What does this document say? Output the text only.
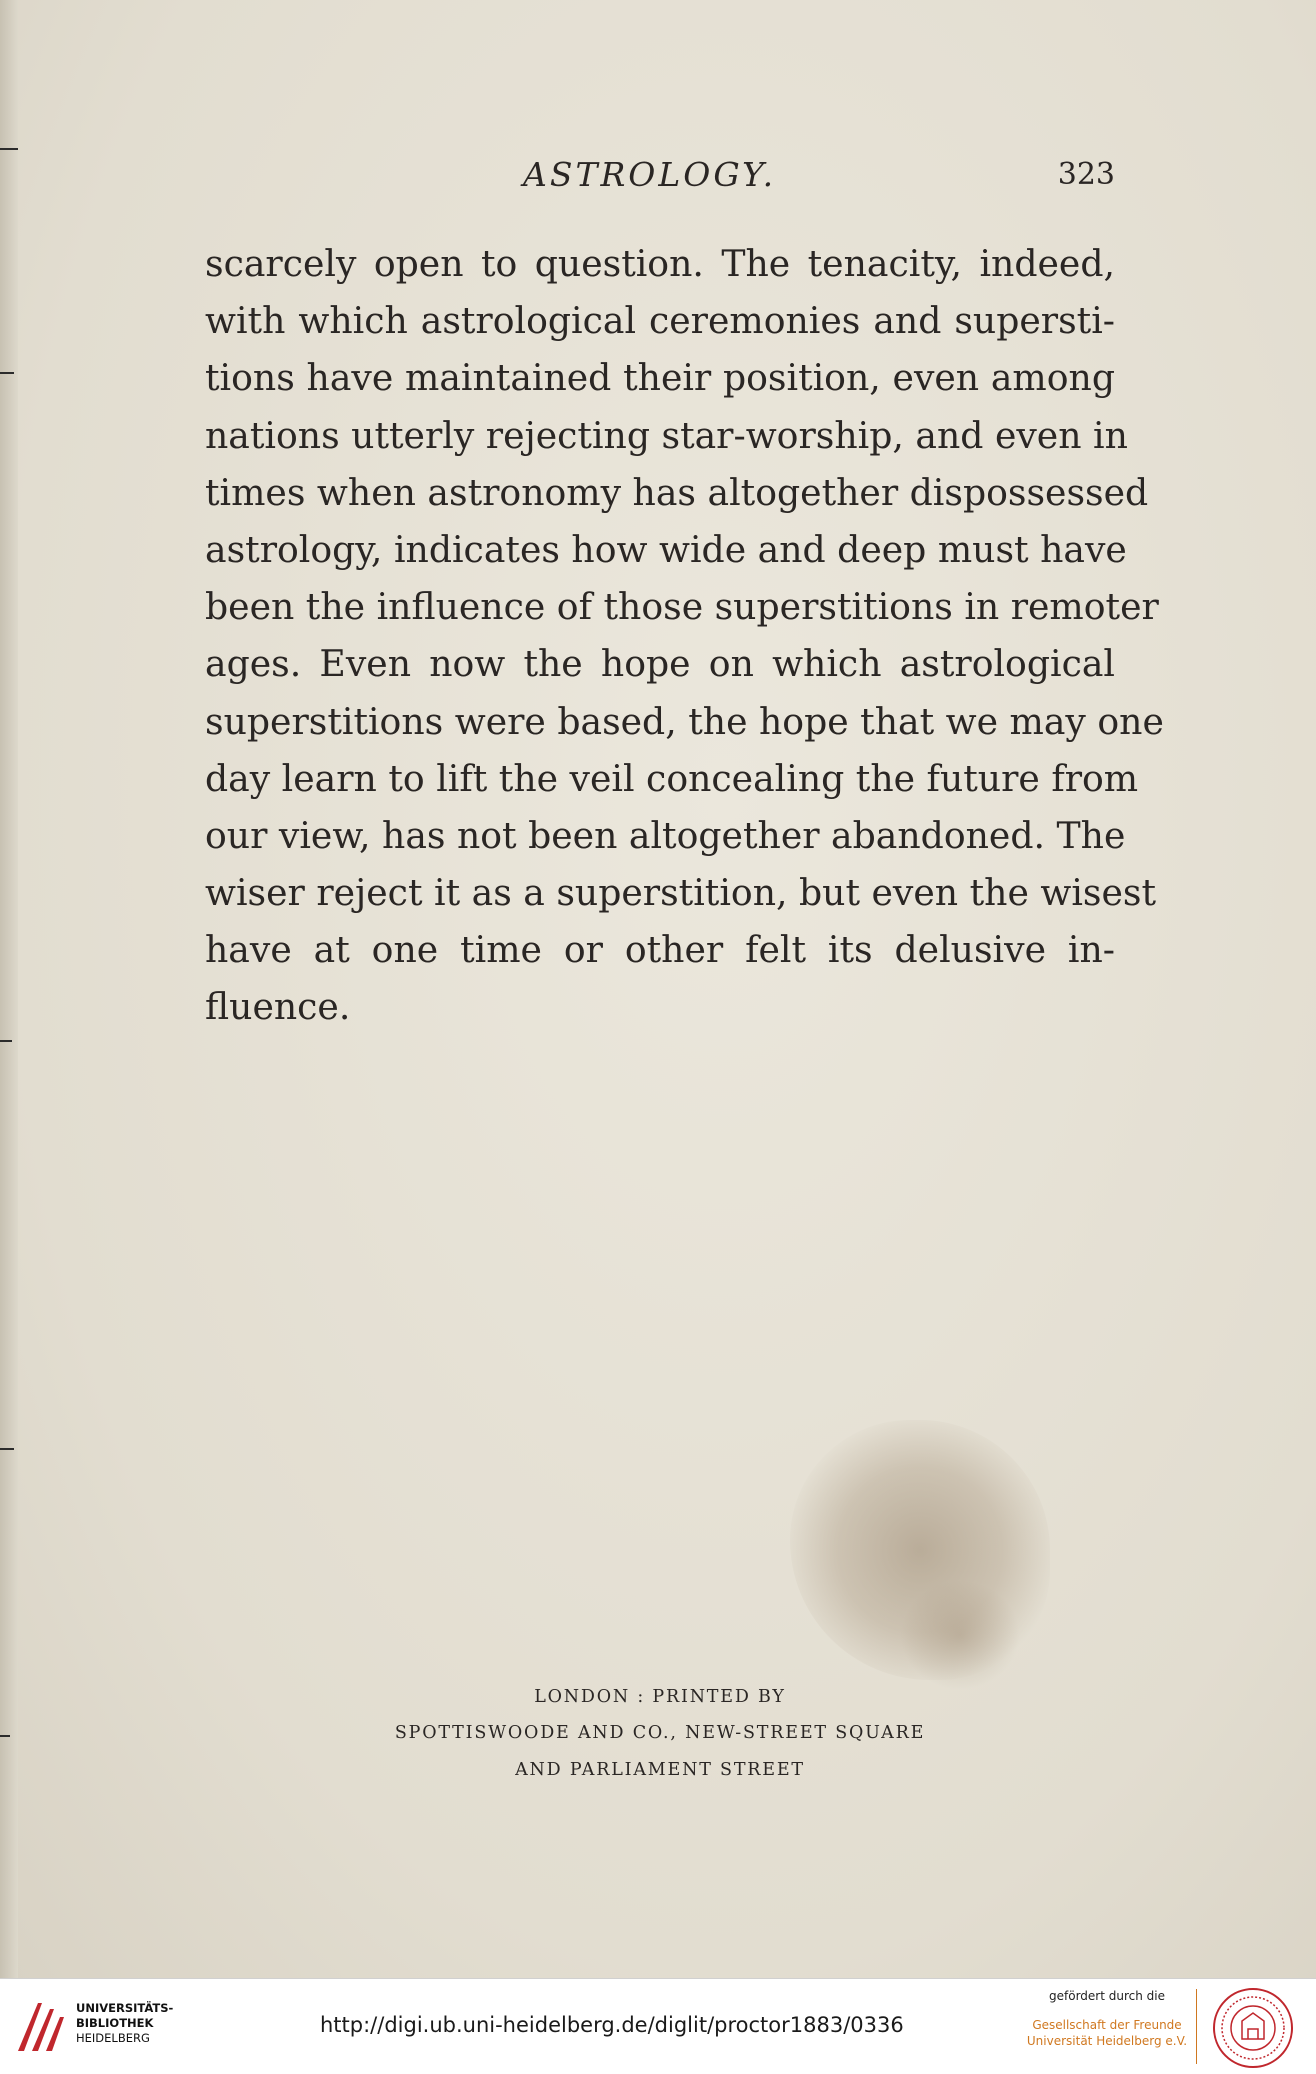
ASTROLOGY.	323
scarcely open to question. The tenacity, indeed,
with which astrological ceremonies and supersti-
tions have maintained their position, even among
nations utterly rejecting star-worship, and even in
times when astronomy has altogether dispossessed
astrology, indicates how wide and deep must have
been the influence of those superstitions in remoter
ages. Even now the hope on which astrological
superstitions were based, the hope that we may one
day learn to lift the veil concealing the future from
our view, has not been altogether abandoned. The
wiser reject it as a superstition, but even the wisest
have at one time or other felt its delusive in-
fluence.
LONDON : PRINTED BY
SPOTTISWOODE AND CO., NEW-STREET SQUARE
AND PARLIAMENT STREET
UNIVERSITÄTS-
BIBLIOTHEK
HEIDELBERG
http://digi.ub.uni-heidelberg.de/diglit/proctor1883/0336
gefördert durch die
Gesellschaft der Freunde
Universität Heidelberg e.V.
